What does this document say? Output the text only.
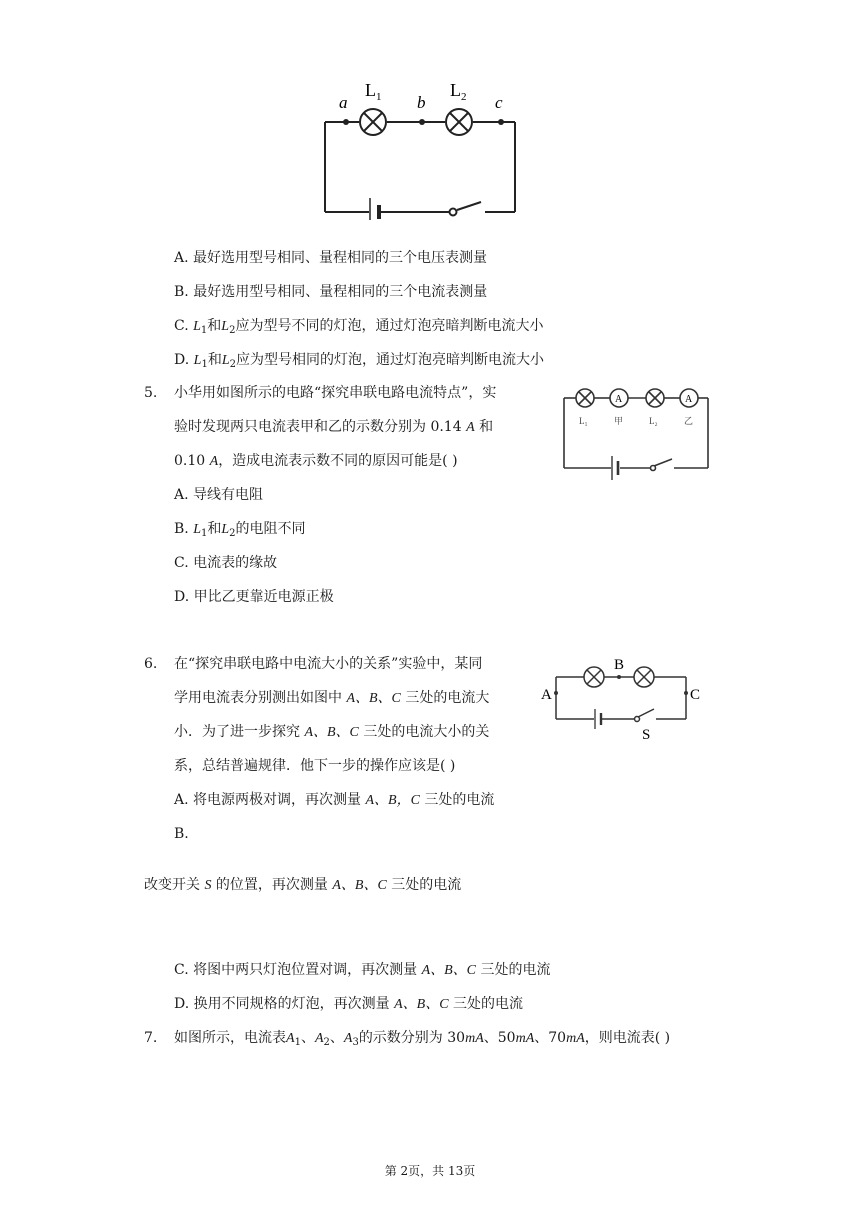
a	b	c
$L_1$	$L_2$
A. 最好选用型号相同、量程相同的三个电压表测量
B. 最好选用型号相同、量程相同的三个电流表测量
C. $L_1$和$L_2$应为型号不同的灯泡，通过灯泡亮暗判断电流大小
D. $L_1$和$L_2$应为型号相同的灯泡，通过灯泡亮暗判断电流大小
5. 小华用如图所示的电路“探究串联电路电流特点”，实
验时发现两只电流表甲和乙的示数分别为 0.14 A 和
0.10 A，造成电流表示数不同的原因可能是( )
A	A
L₁	甲	L₂	乙
A. 导线有电阻
B. $L_1$和$L_2$的电阻不同
C. 电流表的缘故
D. 甲比乙更靠近电源正极
6. 在“探究串联电路中电流大小的关系”实验中，某同
学用电流表分别测出如图中 A、B、C 三处的电流大
小．为了进一步探究 A、B、C 三处的电流大小的关
系，总结普遍规律．他下一步的操作应该是( )
A
B
C
S
A. 将电源两极对调，再次测量 A、B，C 三处的电流
B.
改变开关 S 的位置，再次测量 A、B、C 三处的电流
C. 将图中两只灯泡位置对调，再次测量 A、B、C 三处的电流
D. 换用不同规格的灯泡，再次测量 A、B、C 三处的电流
7. 如图所示，电流表$A_1$、$A_2$、$A_3$的示数分别为 30mA、50mA、70mA，则电流表( )
第 2页，共 13页
